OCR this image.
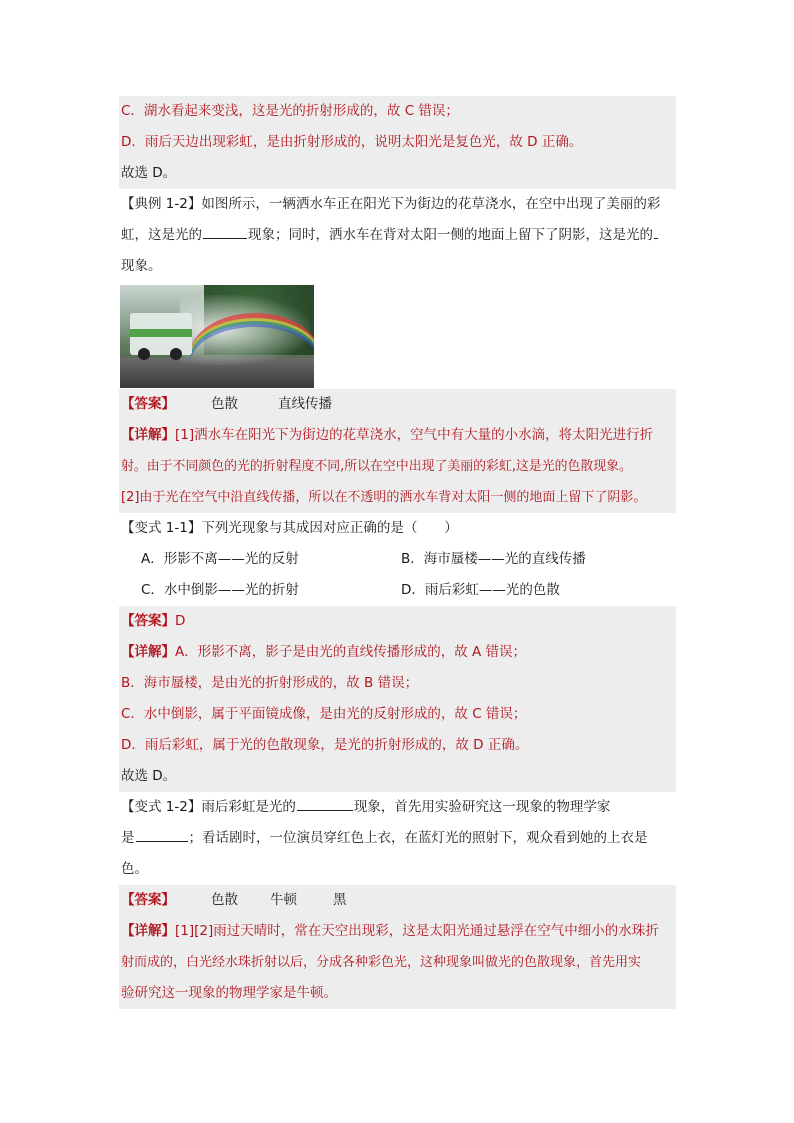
C．湖水看起来变浅，这是光的折射形成的，故 C 错误；
D．雨后天边出现彩虹，是由折射形成的，说明太阳光是复色光，故 D 正确。
故选 D。
【典例 1-2】如图所示，一辆洒水车正在阳光下为街边的花草浇水，在空中出现了美丽的彩
虹，这是光的	现象；同时，洒水车在背对太阳一侧的地面上留下了阴影，这是光的
现象。
【答案】	色散	直线传播
【详解】[1]洒水车在阳光下为街边的花草浇水，空气中有大量的小水滴，将太阳光进行折
射。由于不同颜色的光的折射程度不同,所以在空中出现了美丽的彩虹,这是光的色散现象。
[2]由于光在空气中沿直线传播，所以在不透明的洒水车背对太阳一侧的地面上留下了阴影。
【变式 1-1】下列光现象与其成因对应正确的是（　　）
A．形影不离——光的反射	B．海市蜃楼——光的直线传播
C．水中倒影——光的折射	D．雨后彩虹——光的色散
【答案】D
【详解】A．形影不离，影子是由光的直线传播形成的，故 A 错误；
B．海市蜃楼，是由光的折射形成的，故 B 错误；
C．水中倒影，属于平面镜成像，是由光的反射形成的，故 C 错误；
D．雨后彩虹，属于光的色散现象，是光的折射形成的，故 D 正确。
故选 D。
【变式 1-2】雨后彩虹是光的	现象，首先用实验研究这一现象的物理学家
是	；看话剧时，一位演员穿红色上衣，在蓝灯光的照射下，观众看到她的上衣是
色。
【答案】	色散 牛顿	黑
【详解】[1][2]雨过天晴时，常在天空出现彩，这是太阳光通过悬浮在空气中细小的水珠折
射而成的，白光经水珠折射以后，分成各种彩色光，这种现象叫做光的色散现象，首先用实
验研究这一现象的物理学家是牛顿。
